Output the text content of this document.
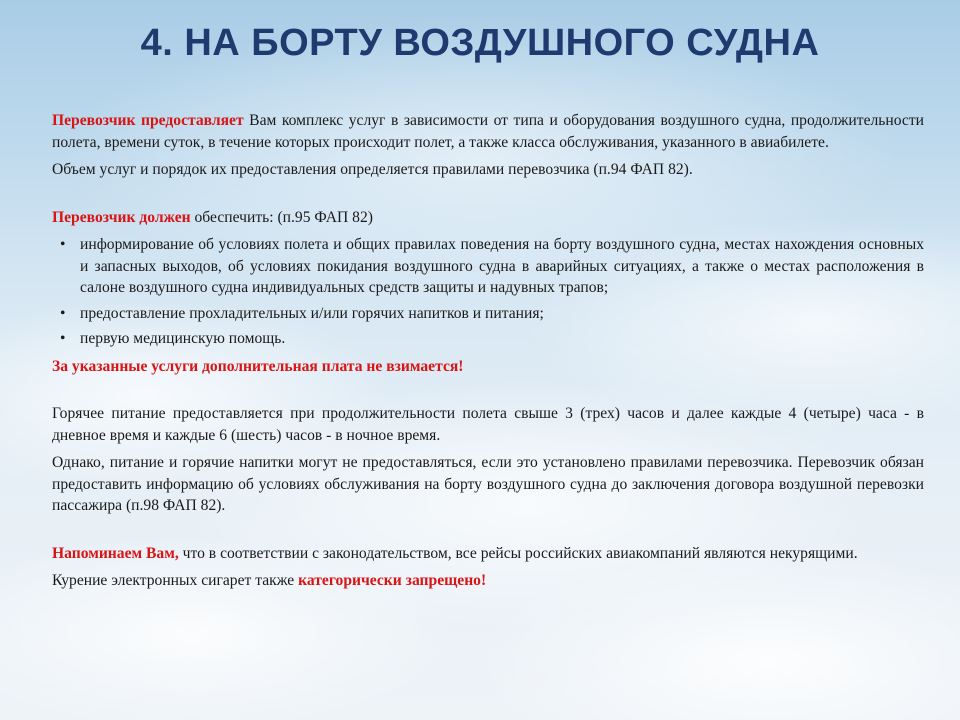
4. НА БОРТУ ВОЗДУШНОГО СУДНА

Перевозчик предоставляет Вам комплекс услуг в зависимости от типа и оборудования воздушного судна, продолжительности полета, времени суток, в течение которых происходит полет, а также класса обслуживания, указанного в авиабилете.

Объем услуг и порядок их предоставления определяется правилами перевозчика (п.94 ФАП 82).

Перевозчик должен обеспечить: (п.95 ФАП 82)

• информирование об условиях полета и общих правилах поведения на борту воздушного судна, местах нахождения основных и запасных выходов, об условиях покидания воздушного судна в аварийных ситуациях, а также о местах расположения в салоне воздушного судна индивидуальных средств защиты и надувных трапов;
• предоставление прохладительных и/или горячих напитков и питания;
• первую медицинскую помощь.

За указанные услуги дополнительная плата не взимается!

Горячее питание предоставляется при продолжительности полета свыше 3 (трех) часов и далее каждые 4 (четыре) часа - в дневное время и каждые 6 (шесть) часов - в ночное время.

Однако, питание и горячие напитки могут не предоставляться, если это установлено правилами перевозчика. Перевозчик обязан предоставить информацию об условиях обслуживания на борту воздушного судна до заключения договора воздушной перевозки пассажира (п.98 ФАП 82).

Напоминаем Вам, что в соответствии с законодательством, все рейсы российских авиакомпаний являются некурящими.

Курение электронных сигарет также категорически запрещено!
